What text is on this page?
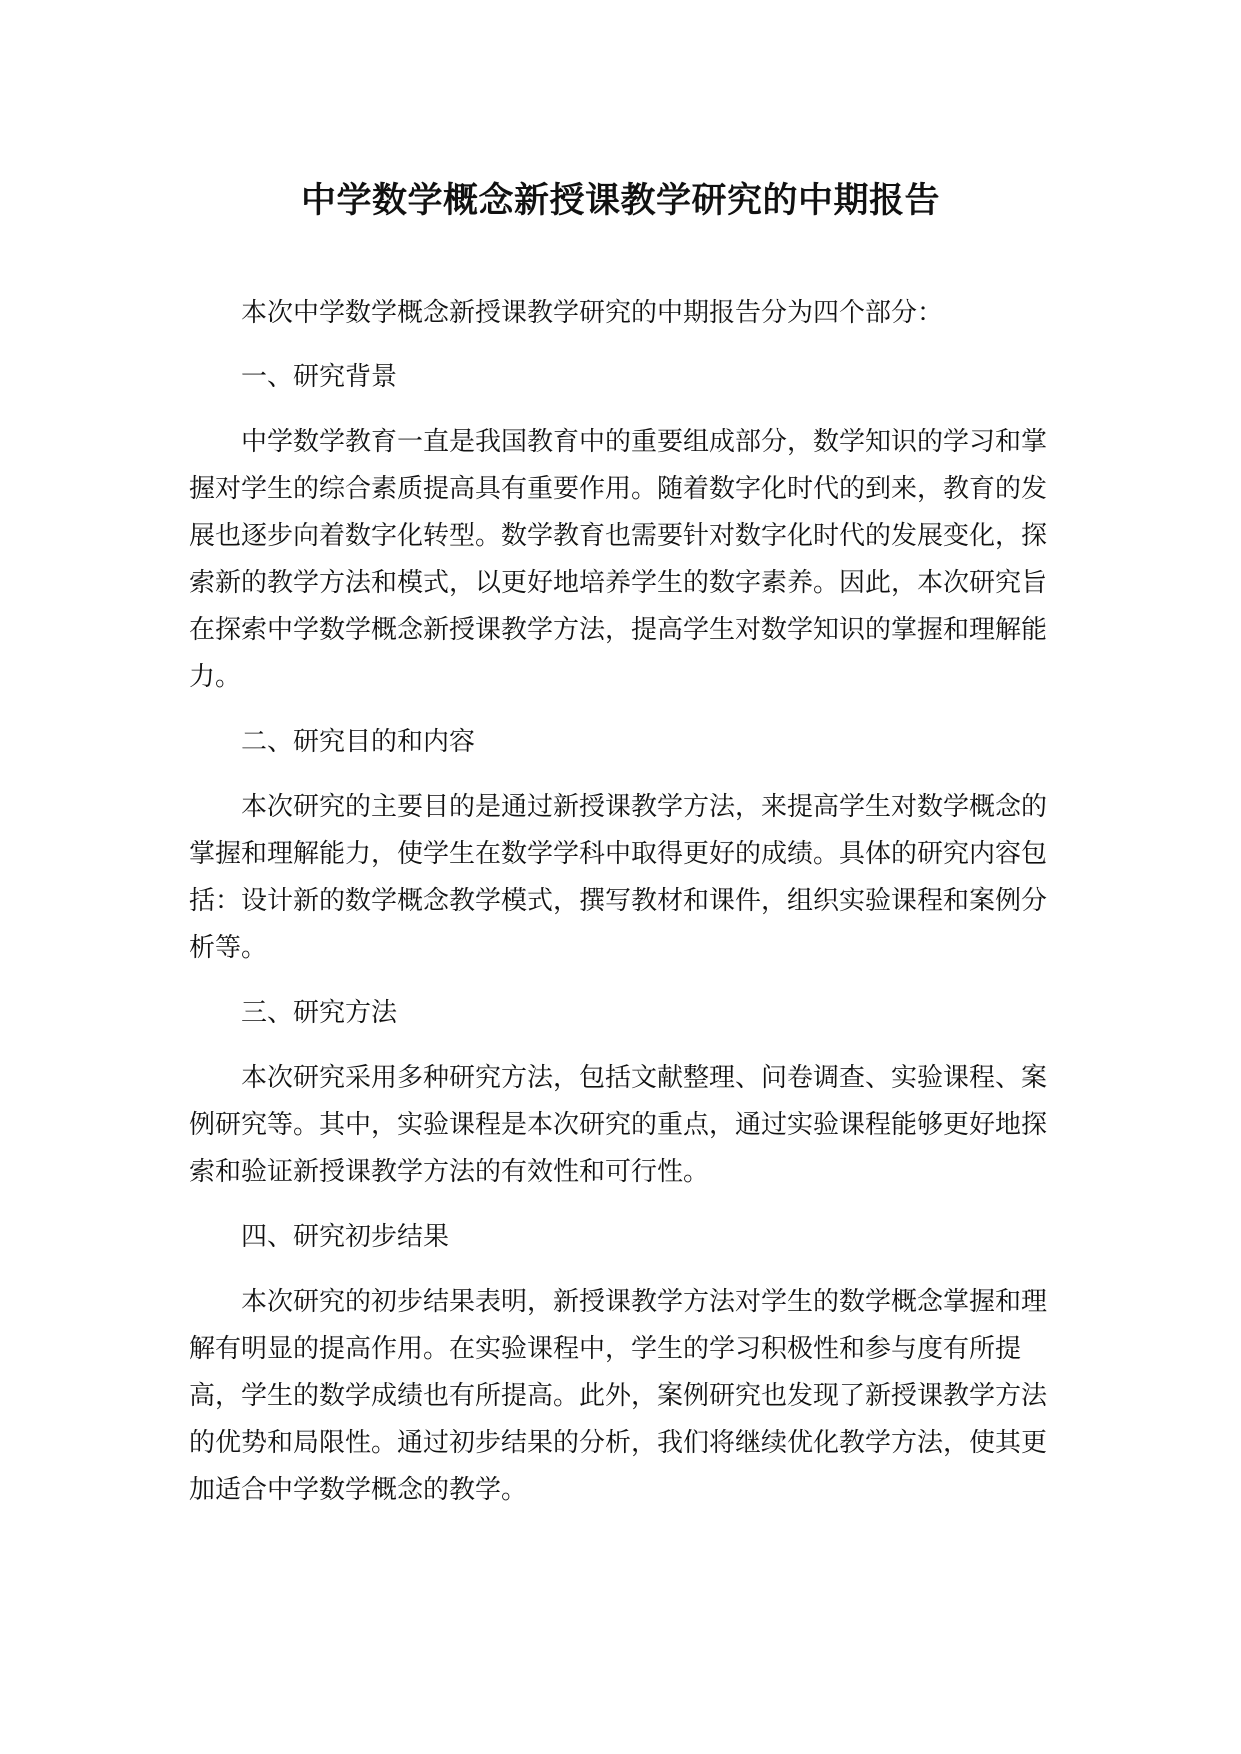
中学数学概念新授课教学研究的中期报告

本次中学数学概念新授课教学研究的中期报告分为四个部分：

一、研究背景

中学数学教育一直是我国教育中的重要组成部分，数学知识的学习和掌握对学生的综合素质提高具有重要作用。随着数字化时代的到来，教育的发展也逐步向着数字化转型。数学教育也需要针对数字化时代的发展变化，探索新的教学方法和模式，以更好地培养学生的数字素养。因此，本次研究旨在探索中学数学概念新授课教学方法，提高学生对数学知识的掌握和理解能力。

二、研究目的和内容

本次研究的主要目的是通过新授课教学方法，来提高学生对数学概念的掌握和理解能力，使学生在数学学科中取得更好的成绩。具体的研究内容包括：设计新的数学概念教学模式，撰写教材和课件，组织实验课程和案例分析等。

三、研究方法

本次研究采用多种研究方法，包括文献整理、问卷调查、实验课程、案例研究等。其中，实验课程是本次研究的重点，通过实验课程能够更好地探索和验证新授课教学方法的有效性和可行性。

四、研究初步结果

本次研究的初步结果表明，新授课教学方法对学生的数学概念掌握和理解有明显的提高作用。在实验课程中，学生的学习积极性和参与度有所提高，学生的数学成绩也有所提高。此外，案例研究也发现了新授课教学方法的优势和局限性。通过初步结果的分析，我们将继续优化教学方法，使其更加适合中学数学概念的教学。
